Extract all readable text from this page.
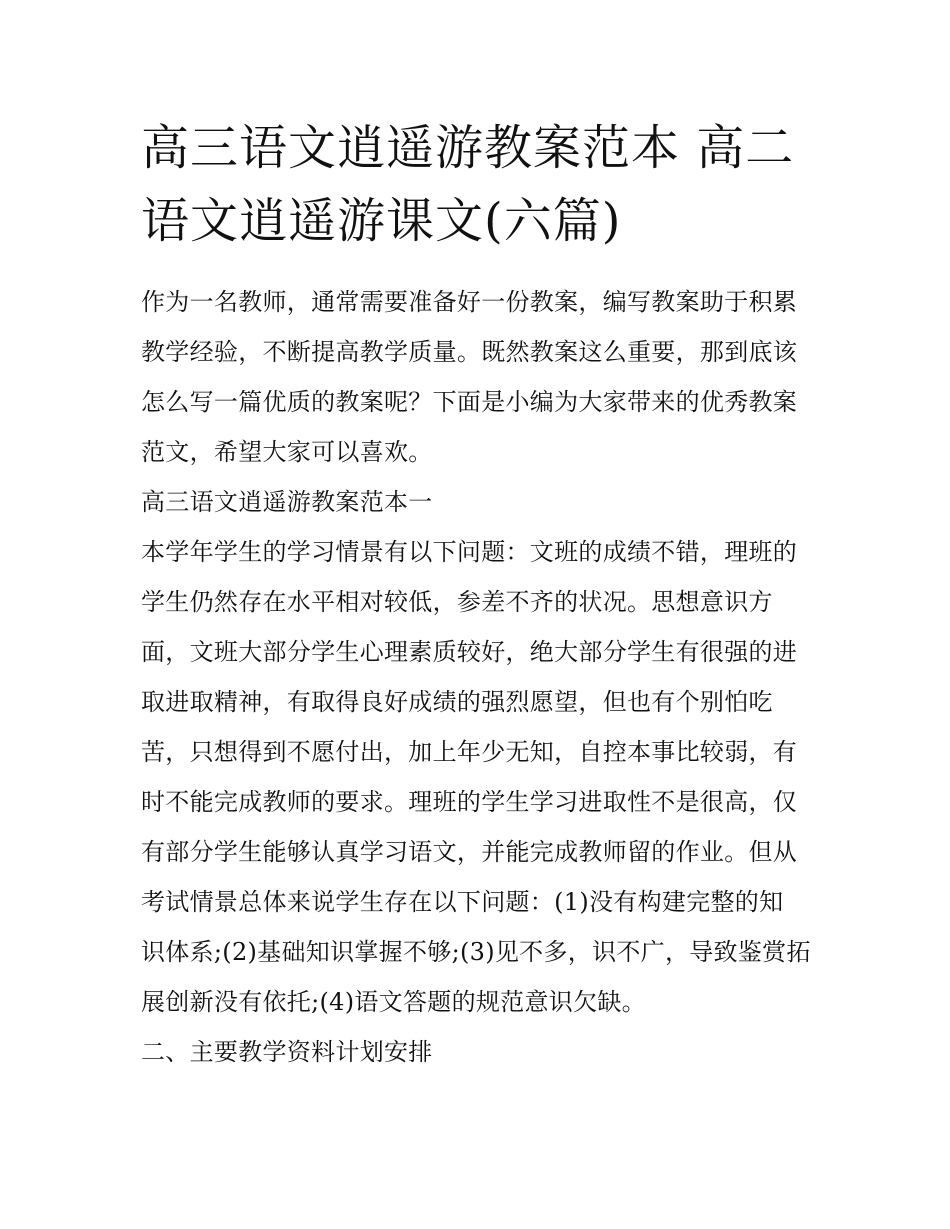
高三语文逍遥游教案范本 高二
语文逍遥游课文(六篇)

作为一名教师，通常需要准备好一份教案，编写教案助于积累

教学经验，不断提高教学质量。既然教案这么重要，那到底该

怎么写一篇优质的教案呢？下面是小编为大家带来的优秀教案

范文，希望大家可以喜欢。

高三语文逍遥游教案范本一

本学年学生的学习情景有以下问题：文班的成绩不错，理班的

学生仍然存在水平相对较低，参差不齐的状况。思想意识方

面，文班大部分学生心理素质较好，绝大部分学生有很强的进

取进取精神，有取得良好成绩的强烈愿望，但也有个别怕吃

苦，只想得到不愿付出，加上年少无知，自控本事比较弱，有

时不能完成教师的要求。理班的学生学习进取性不是很高，仅

有部分学生能够认真学习语文，并能完成教师留的作业。但从

考试情景总体来说学生存在以下问题：(1)没有构建完整的知

识体系;(2)基础知识掌握不够;(3)见不多，识不广，导致鉴赏拓

展创新没有依托;(4)语文答题的规范意识欠缺。

二、主要教学资料计划安排
